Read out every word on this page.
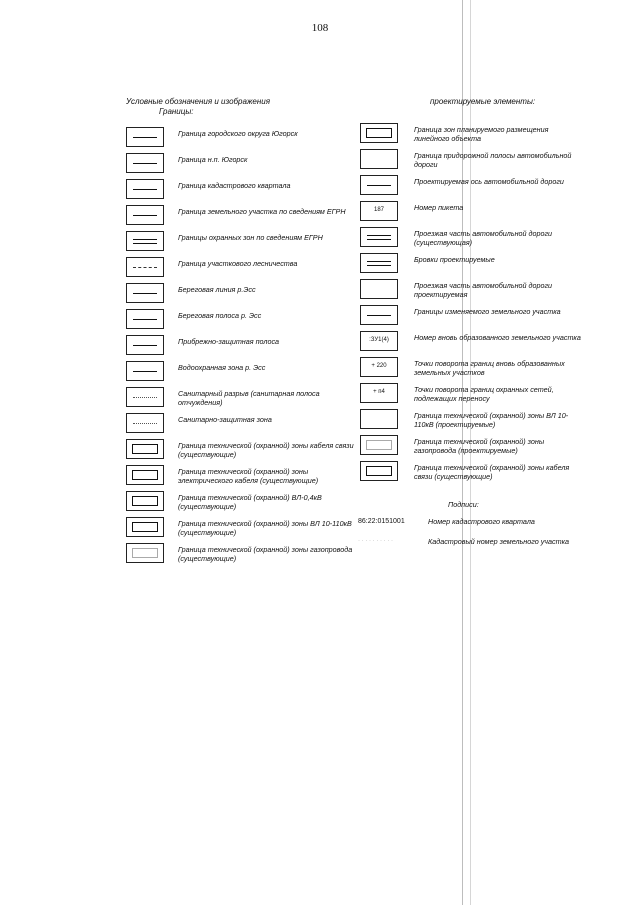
108
Условные обозначения и изображения
Границы:
проектируемые элементы:
Граница городского округа Югорск
Граница н.п. Югорск
Граница кадастрового квартала
Граница земельного участка по сведениям ЕГРН
Границы охранных зон по сведениям ЕГРН
Граница участкового лесничества
Береговая линия р.Эсс
Береговая полоса р. Эсс
Прибрежно-защитная полоса
Водоохранная зона р. Эсс
Санитарный разрыв (санитарная полоса отчуждения)
Санитарно-защитная зона
Граница технической (охранной) зоны кабеля связи (существующие)
Граница технической (охранной) зоны электрического кабеля (существующие)
Граница технической (охранной) ВЛ-0,4кВ (существующие)
Граница технической (охранной) зоны ВЛ 10-110кВ (существующие)
Граница технической (охранной) зоны газопровода (существующие)
Граница зон планируемого размещения линейного объекта
Граница придорожной полосы автомобильной дороги
Проектируемая ось автомобильной дороги
187	Номер пикета
Проезжая часть автомобильной дороги (существующая)
Бровки проектируемые
Проезжая часть автомобильной дороги проектируемая
Границы изменяемого земельного участка
:ЗУ1(4)	Номер вновь образованного земельного участка
+ 220	Точки поворота границ вновь образованных земельных участков
+ п4	Точки поворота границ охранных сетей, подлежащих переносу
Граница технической (охранной) зоны ВЛ 10-110кВ (проектируемые)
Граница технической (охранной) зоны газопровода (проектируемые)
Граница технической (охранной) зоны кабеля связи (существующие)
Подписи:
86:22:0151001	Номер кадастрового квартала
· · · · · · · · · ·	Кадастровый номер земельного участка
